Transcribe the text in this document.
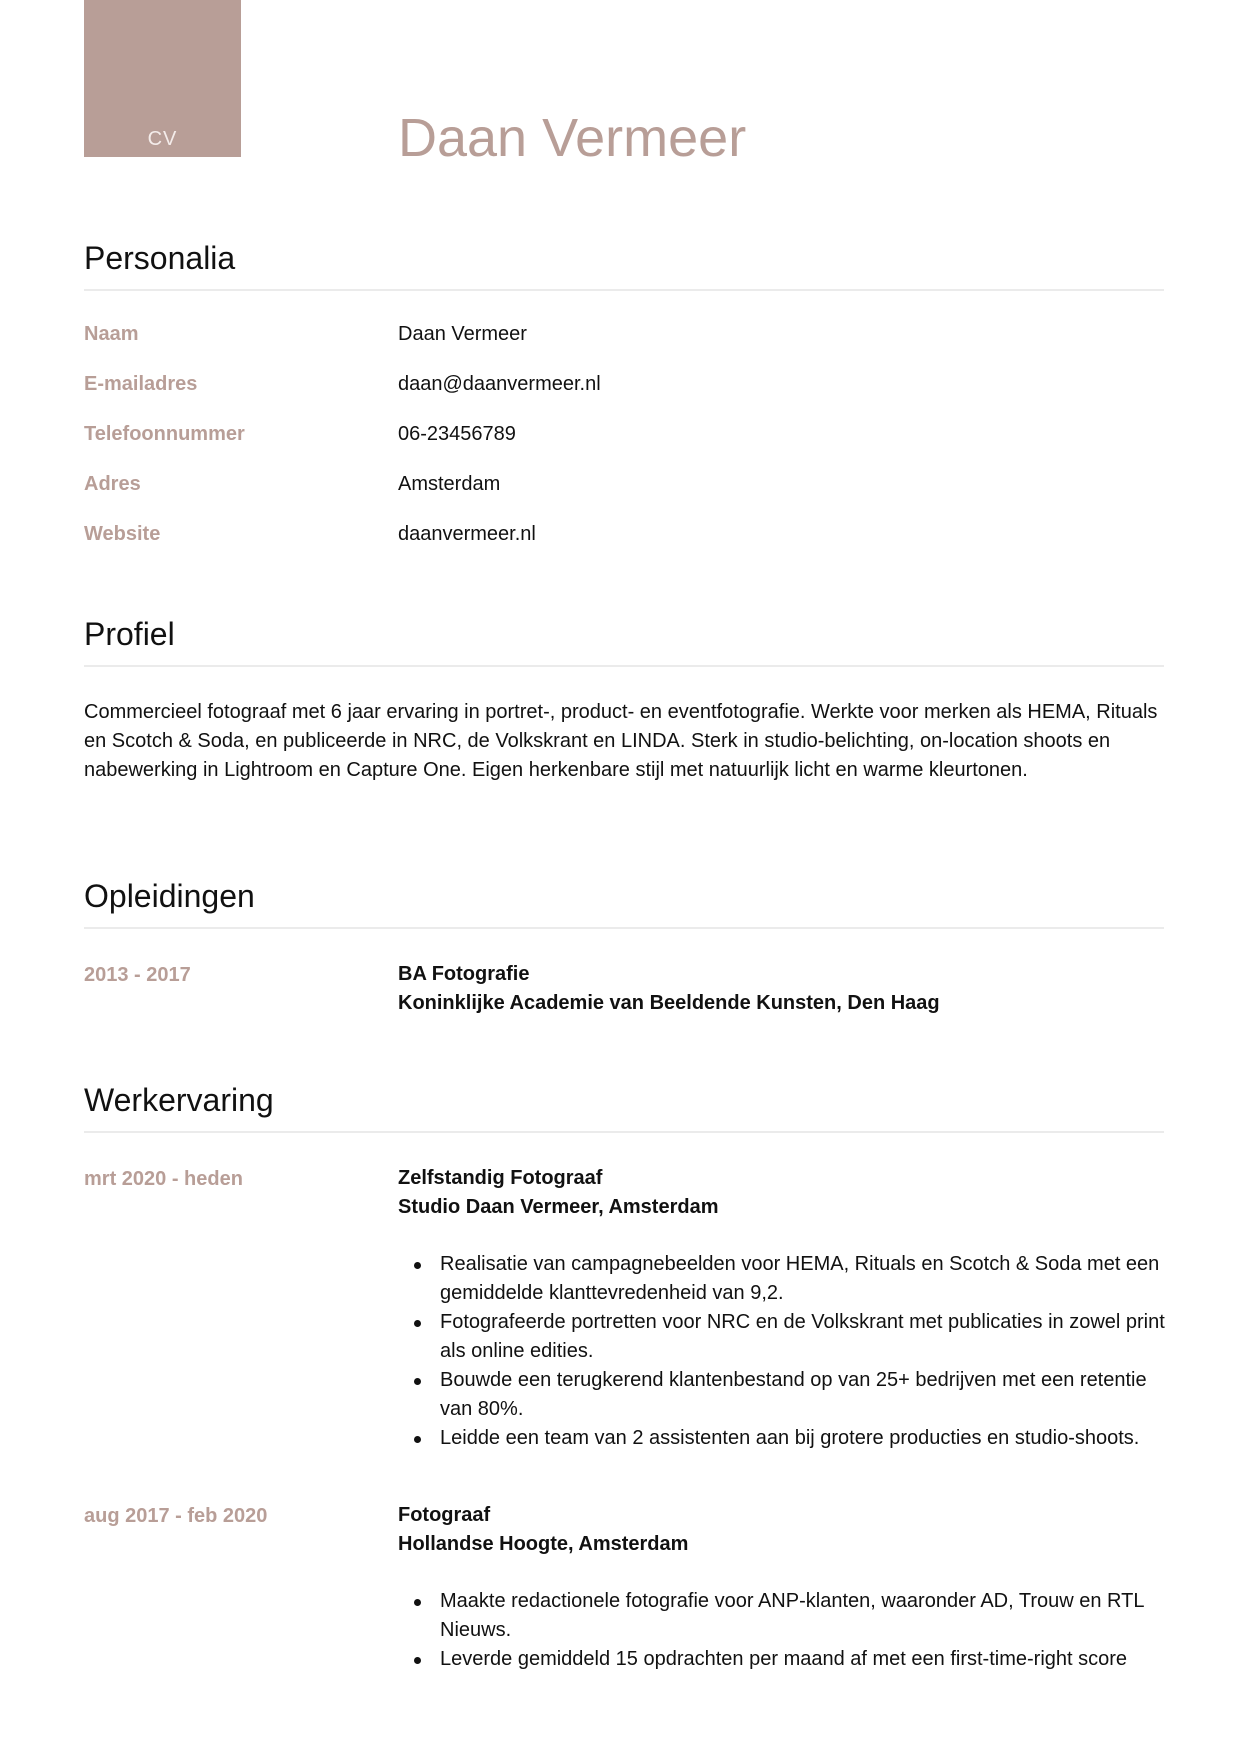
CV	Daan Vermeer
Personalia
Naam	Daan Vermeer
E-mailadres	daan@daanvermeer.nl
Telefoonnummer	06-23456789
Adres	Amsterdam
Website	daanvermeer.nl
Profiel

Commercieel fotograaf met 6 jaar ervaring in portret-, product- en eventfotografie. Werkte voor merken als HEMA, Rituals en Scotch & Soda, en publiceerde in NRC, de Volkskrant en LINDA. Sterk in studio-belichting, on-location shoots en nabewerking in Lightroom en Capture One. Eigen herkenbare stijl met natuurlijk licht en warme kleurtonen.

Opleidingen
2013 - 2017	BA Fotografie
Koninklijke Academie van Beeldende Kunsten, Den Haag
Werkervaring
mrt 2020 - heden	Zelfstandig Fotograaf
Studio Daan Vermeer, Amsterdam
Realisatie van campagnebeelden voor HEMA, Rituals en Scotch & Soda met een gemiddelde klanttevredenheid van 9,2.
Fotografeerde portretten voor NRC en de Volkskrant met publicaties in zowel print als online edities.
Bouwde een terugkerend klantenbestand op van 25+ bedrijven met een retentie van 80%.
Leidde een team van 2 assistenten aan bij grotere producties en studio-shoots.
aug 2017 - feb 2020	Fotograaf
Hollandse Hoogte, Amsterdam
Maakte redactionele fotografie voor ANP-klanten, waaronder AD, Trouw en RTL Nieuws.
Leverde gemiddeld 15 opdrachten per maand af met een first-time-right score
